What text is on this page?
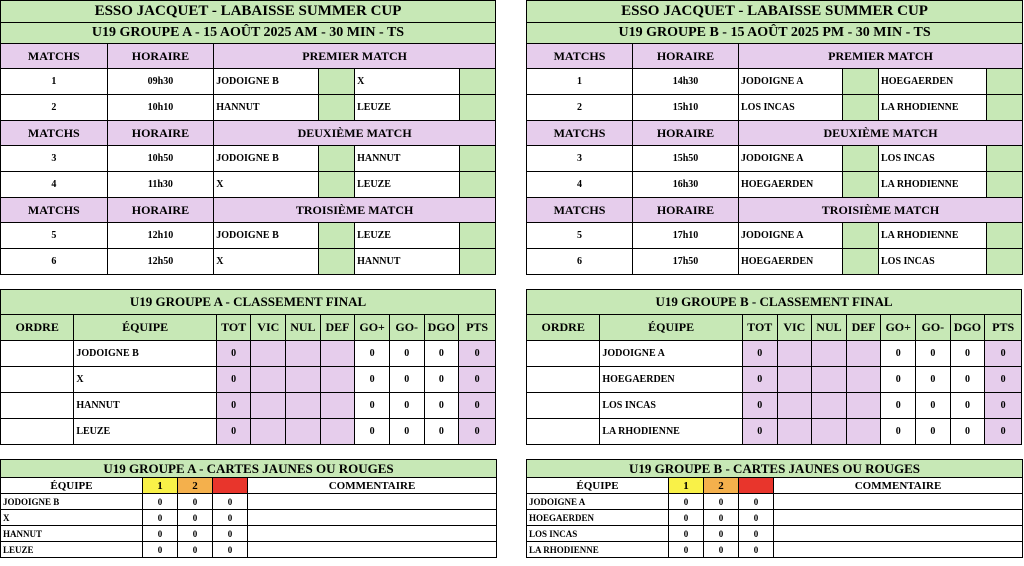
ESSO JACQUET - LABAISSE SUMMER CUP					
U19 GROUPE A - 15 AOÛT 2025 AM - 30 MIN - TS					
MATCHS	HORAIRE	PREMIER MATCH			
1	09h30	JODOIGNE B		X	
2	10h10	HANNUT		LEUZE	
MATCHS	HORAIRE	DEUXIÈME MATCH			
3	10h50	JODOIGNE B		HANNUT	
4	11h30	X		LEUZE	
MATCHS	HORAIRE	TROISIÈME MATCH			
5	12h10	JODOIGNE B		LEUZE	
6	12h50	X		HANNUT	
U19 GROUPE A - CLASSEMENT FINAL									
ORDRE	ÉQUIPE	TOT	VIC	NUL	DEF	GO+	GO-	DGO	PTS
	JODOIGNE B	0				0	0	0	0
	X	0				0	0	0	0
	HANNUT	0				0	0	0	0
	LEUZE	0				0	0	0	0
U19 GROUPE A - CARTES JAUNES OU ROUGES				
ÉQUIPE	1	2		COMMENTAIRE
JODOIGNE B	0	0	0	
X	0	0	0	
HANNUT	0	0	0	
LEUZE	0	0	0	
ESSO JACQUET - LABAISSE SUMMER CUP					
U19 GROUPE B - 15 AOÛT 2025 PM - 30 MIN - TS					
MATCHS	HORAIRE	PREMIER MATCH			
1	14h30	JODOIGNE A		HOEGAERDEN	
2	15h10	LOS INCAS		LA RHODIENNE	
MATCHS	HORAIRE	DEUXIÈME MATCH			
3	15h50	JODOIGNE A		LOS INCAS	
4	16h30	HOEGAERDEN		LA RHODIENNE	
MATCHS	HORAIRE	TROISIÈME MATCH			
5	17h10	JODOIGNE A		LA RHODIENNE	
6	17h50	HOEGAERDEN		LOS INCAS	
U19 GROUPE B - CLASSEMENT FINAL									
ORDRE	ÉQUIPE	TOT	VIC	NUL	DEF	GO+	GO-	DGO	PTS
	JODOIGNE A	0				0	0	0	0
	HOEGAERDEN	0				0	0	0	0
	LOS INCAS	0				0	0	0	0
	LA RHODIENNE	0				0	0	0	0
U19 GROUPE B - CARTES JAUNES OU ROUGES				
ÉQUIPE	1	2		COMMENTAIRE
JODOIGNE A	0	0	0	
HOEGAERDEN	0	0	0	
LOS INCAS	0	0	0	
LA RHODIENNE	0	0	0	
